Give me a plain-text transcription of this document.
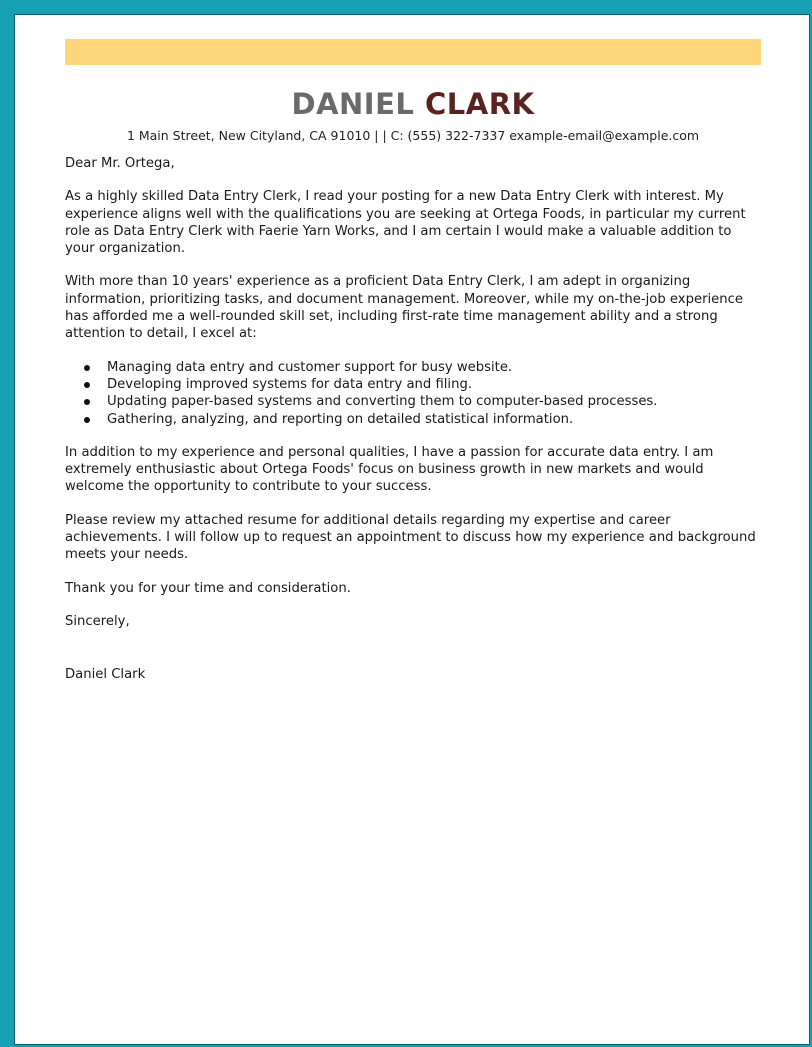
DANIEL CLARK
1 Main Street, New Cityland, CA 91010 | | C: (555) 322-7337 example-email@example.com

Dear Mr. Ortega,

As a highly skilled Data Entry Clerk, I read your posting for a new Data Entry Clerk with interest. My experience aligns well with the qualifications you are seeking at Ortega Foods, in particular my current role as Data Entry Clerk with Faerie Yarn Works, and I am certain I would make a valuable addition to your organization.

With more than 10 years' experience as a proficient Data Entry Clerk, I am adept in organizing information, prioritizing tasks, and document management. Moreover, while my on-the-job experience has afforded me a well-rounded skill set, including first-rate time management ability and a strong attention to detail, I excel at:

Managing data entry and customer support for busy website.
Developing improved systems for data entry and filing.
Updating paper-based systems and converting them to computer-based processes.
Gathering, analyzing, and reporting on detailed statistical information.

In addition to my experience and personal qualities, I have a passion for accurate data entry. I am extremely enthusiastic about Ortega Foods' focus on business growth in new markets and would welcome the opportunity to contribute to your success.

Please review my attached resume for additional details regarding my expertise and career achievements. I will follow up to request an appointment to discuss how my experience and background meets your needs.

Thank you for your time and consideration.

Sincerely,

Daniel Clark
